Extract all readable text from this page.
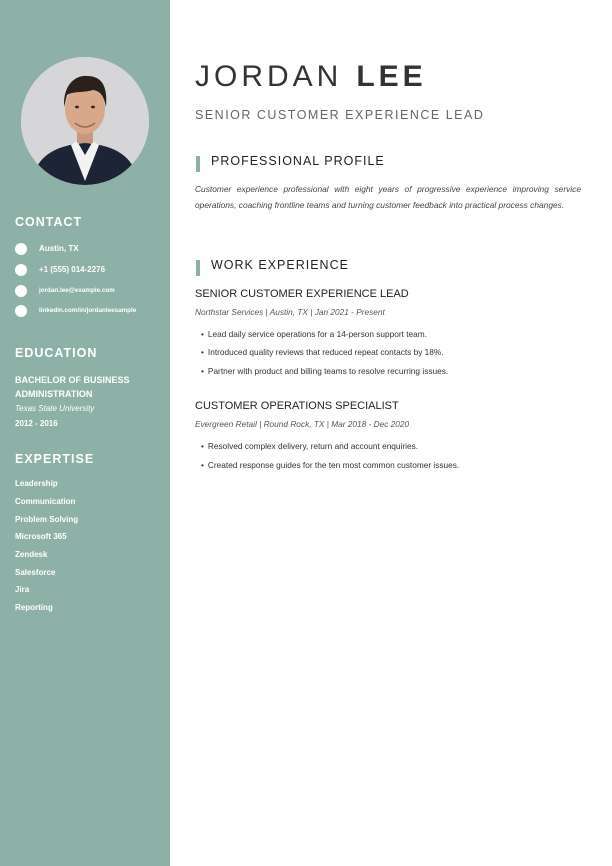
CONTACT
Austin, TX
+1 (555) 014-2276
jordan.lee@example.com
linkedin.com/in/jordanleesample
EDUCATION
BACHELOR OF BUSINESS ADMINISTRATION
Texas State University
2012 - 2016
EXPERTISE
Leadership
Communication
Problem Solving
Microsoft 365
Zendesk
Salesforce
Jira
Reporting
JORDAN LEE
SENIOR CUSTOMER EXPERIENCE LEAD
PROFESSIONAL PROFILE

Customer experience professional with eight years of progressive experience improving service operations, coaching frontline teams and turning customer feedback into practical process changes.

WORK EXPERIENCE
SENIOR CUSTOMER EXPERIENCE LEAD
Northstar Services | Austin, TX | Jan 2021 - Present
• Lead daily service operations for a 14-person support team.
• Introduced quality reviews that reduced repeat contacts by 18%.
• Partner with product and billing teams to resolve recurring issues.
CUSTOMER OPERATIONS SPECIALIST
Evergreen Retail | Round Rock, TX | Mar 2018 - Dec 2020
• Resolved complex delivery, return and account enquiries.
• Created response guides for the ten most common customer issues.
